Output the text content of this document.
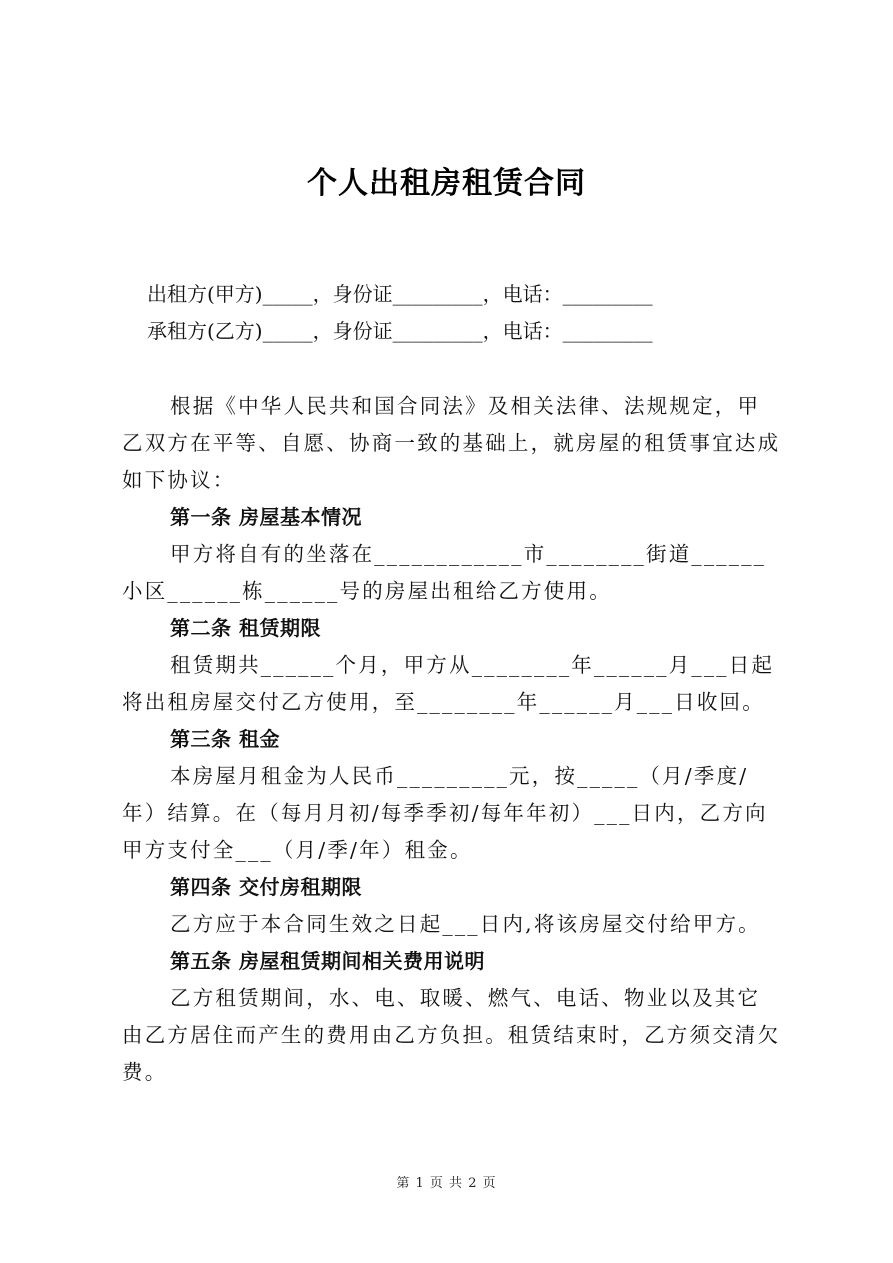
个人出租房租赁合同
出租方(甲方)_____，身份证_________，电话：_________
承租方(乙方)_____，身份证_________，电话：_________

根据《中华人民共和国合同法》及相关法律、法规规定，甲乙双方在平等、自愿、协商一致的基础上，就房屋的租赁事宜达成如下协议：

第一条 房屋基本情况

甲方将自有的坐落在____________市________街道______小区______栋______号的房屋出租给乙方使用。

第二条 租赁期限

租赁期共______个月，甲方从________年______月___日起将出租房屋交付乙方使用，至________年______月___日收回。

第三条 租金

本房屋月租金为人民币_________元，按_____（月/季度/年）结算。在（每月月初/每季季初/每年年初）___日内，乙方向甲方支付全___（月/季/年）租金。

第四条 交付房租期限

乙方应于本合同生效之日起___日内,将该房屋交付给甲方。

第五条 房屋租赁期间相关费用说明

乙方租赁期间，水、电、取暖、燃气、电话、物业以及其它由乙方居住而产生的费用由乙方负担。租赁结束时，乙方须交清欠费。

第 1 页 共 2 页
